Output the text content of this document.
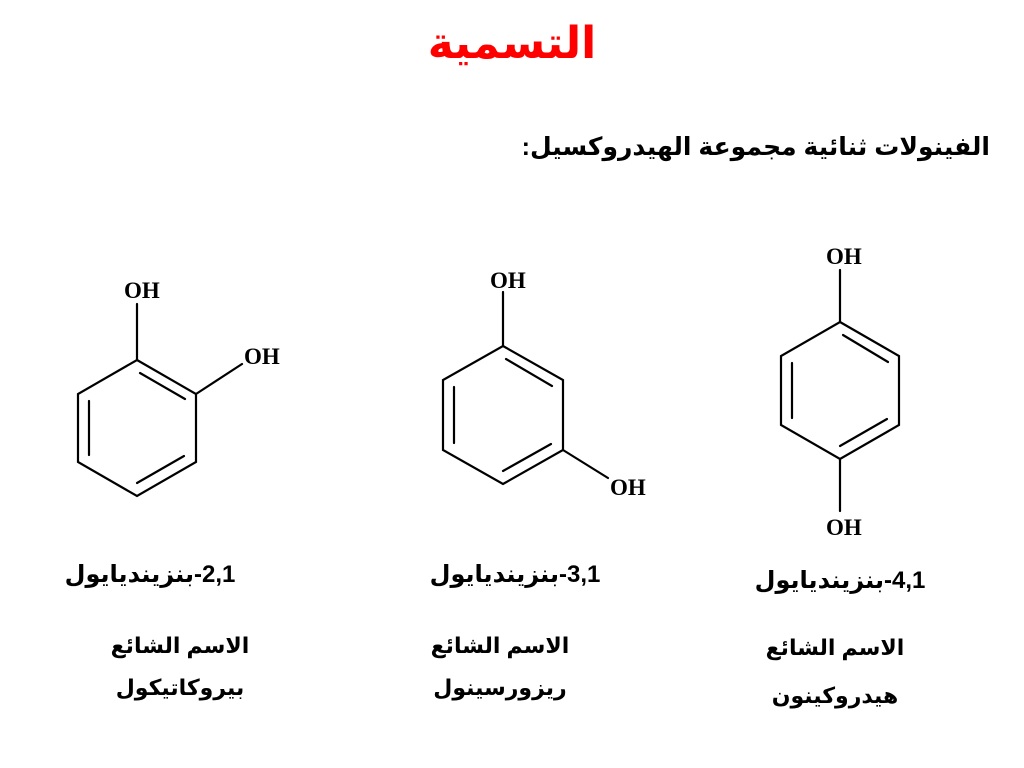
التسمية
الفينولات ثنائية مجموعة الهيدروكسيل:
OH
OH
OH
OH
OH
OH
2,1-بنزينديايول
الاسم الشائع
بيروكاتيكول
3,1-بنزينديايول
الاسم الشائع
ريزورسينول
4,1-بنزينديايول
الاسم الشائع
هيدروكينون
